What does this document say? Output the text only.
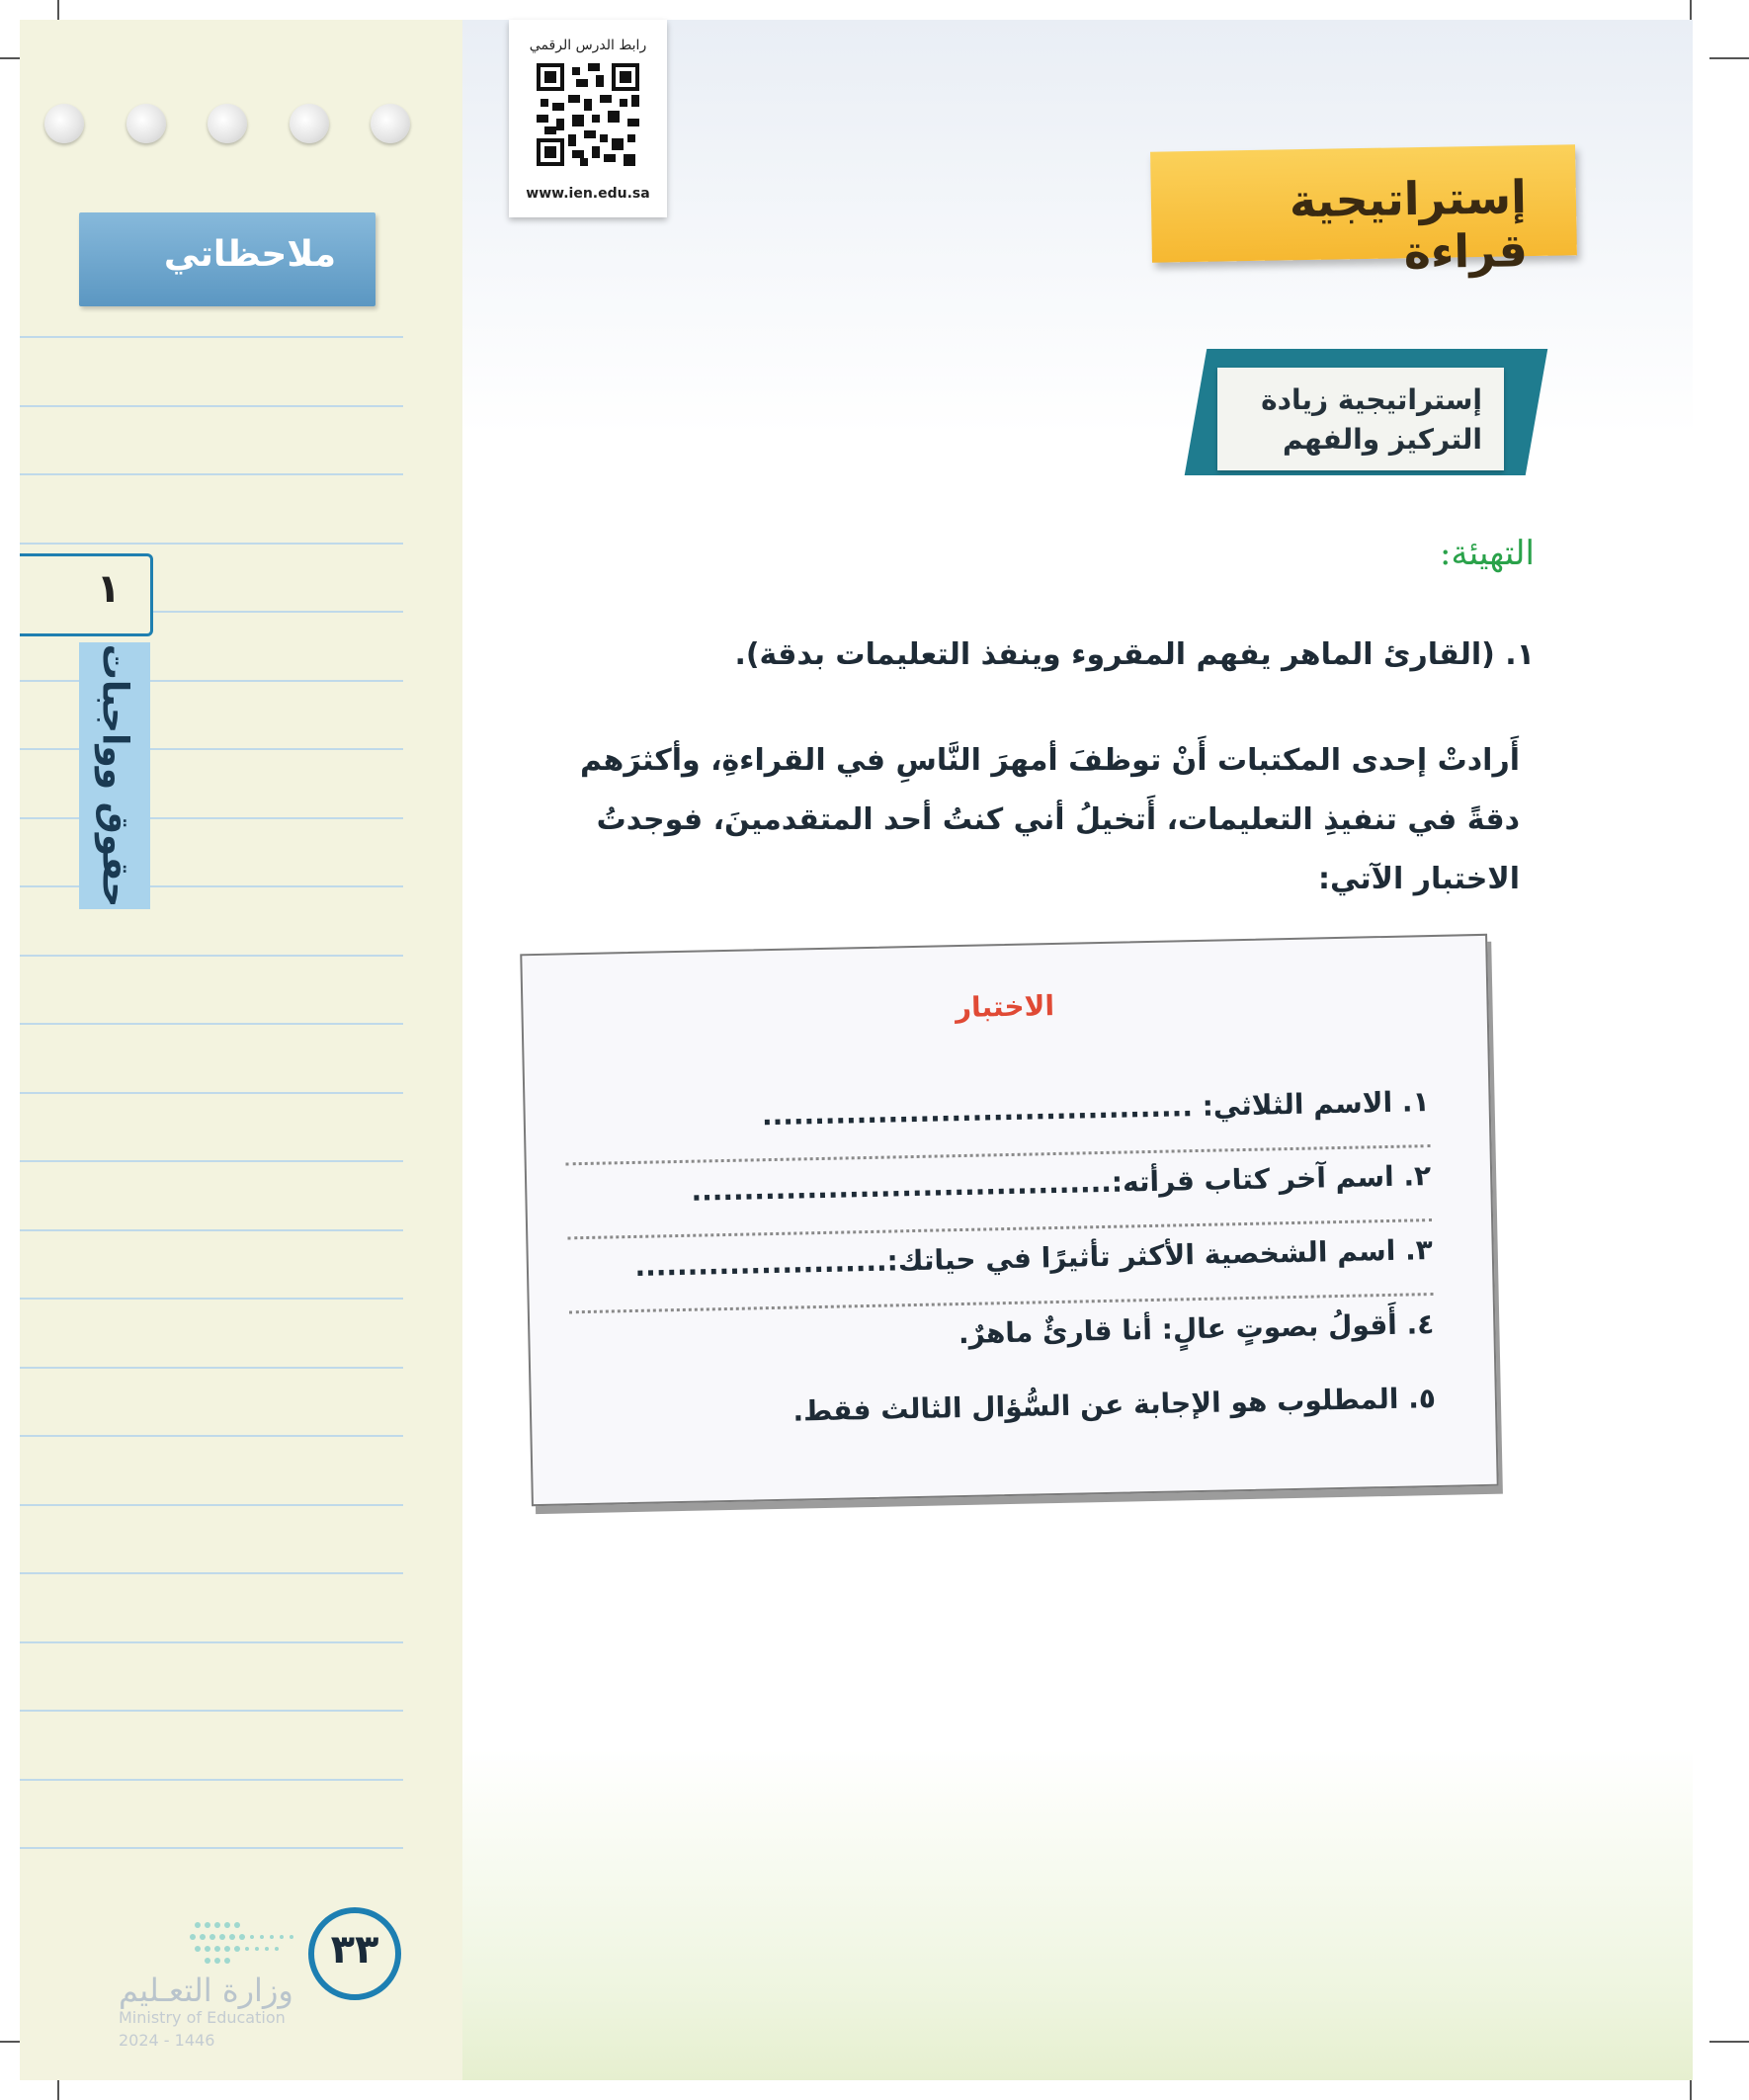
ملاحظاتي
١
حقوق وواجبات
٣٣
وزارة التعـليم
Ministry of Education
2024 - 1446
رابط الدرس الرقمي
www.ien.edu.sa	إستراتيجية قراءة
إستراتيجية زيادة
التركيز والفهم
التهيئة:
١. (القارئ الماهر يفهم المقروء وينفذ التعليمات بدقة).
أَرادتْ إحدى المكتبات أَنْ توظفَ أمهرَ النَّاسِ في القراءةِ، وأكثرَهم دقةً في تنفيذِ التعليمات، أَتخيلُ أني كنتُ أحد المتقدمينَ، فوجدتُ الاختبار الآتي:
الاختبار
١. الاسم الثلاثي: .........................................
٢. اسم آخر كتاب قرأته:........................................
٣. اسم الشخصية الأكثر تأثيرًا في حياتك:........................
٤. أَقولُ بصوتٍ عالٍ: أنا قارئٌ ماهرٌ.
٥. المطلوب هو الإجابة عن السُّؤال الثالث فقط.
